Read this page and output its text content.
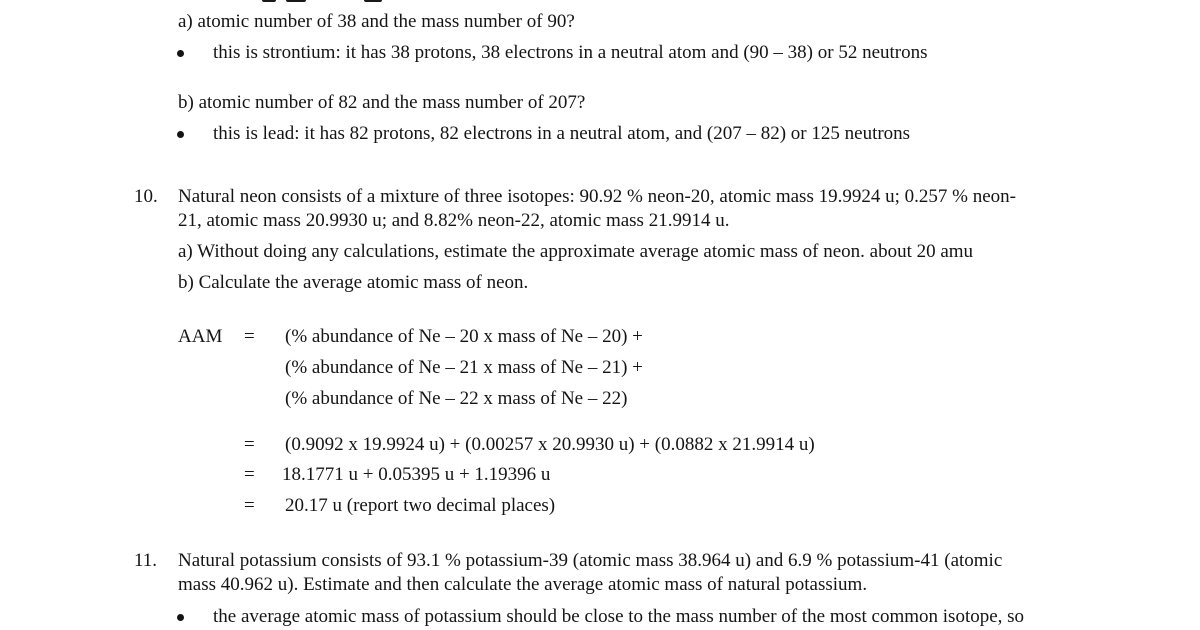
a) atomic number of 38 and the mass number of 90?
this is strontium: it has 38 protons, 38 electrons in a neutral atom and (90 – 38) or 52 neutrons
b) atomic number of 82 and the mass number of 207?
this is lead: it has 82 protons, 82 electrons in a neutral atom, and (207 – 82) or 125 neutrons
10. Natural neon consists of a mixture of three isotopes: 90.92 % neon-20, atomic mass 19.9924 u; 0.257 % neon-
21, atomic mass 20.9930 u; and 8.82% neon-22, atomic mass 21.9914 u.
a) Without doing any calculations, estimate the approximate average atomic mass of neon. about 20 amu
b) Calculate the average atomic mass of neon.
AAM = (% abundance of Ne – 20 x mass of Ne – 20) +
(% abundance of Ne – 21 x mass of Ne – 21) +
(% abundance of Ne – 22 x mass of Ne – 22)
= (0.9092 x 19.9924 u) + (0.00257 x 20.9930 u) + (0.0882 x 21.9914 u)
= 18.1771 u + 0.05395 u + 1.19396 u
= 20.17 u (report two decimal places)
11. Natural potassium consists of 93.1 % potassium-39 (atomic mass 38.964 u) and 6.9 % potassium-41 (atomic
mass 40.962 u). Estimate and then calculate the average atomic mass of natural potassium.
the average atomic mass of potassium should be close to the mass number of the most common isotope, so
